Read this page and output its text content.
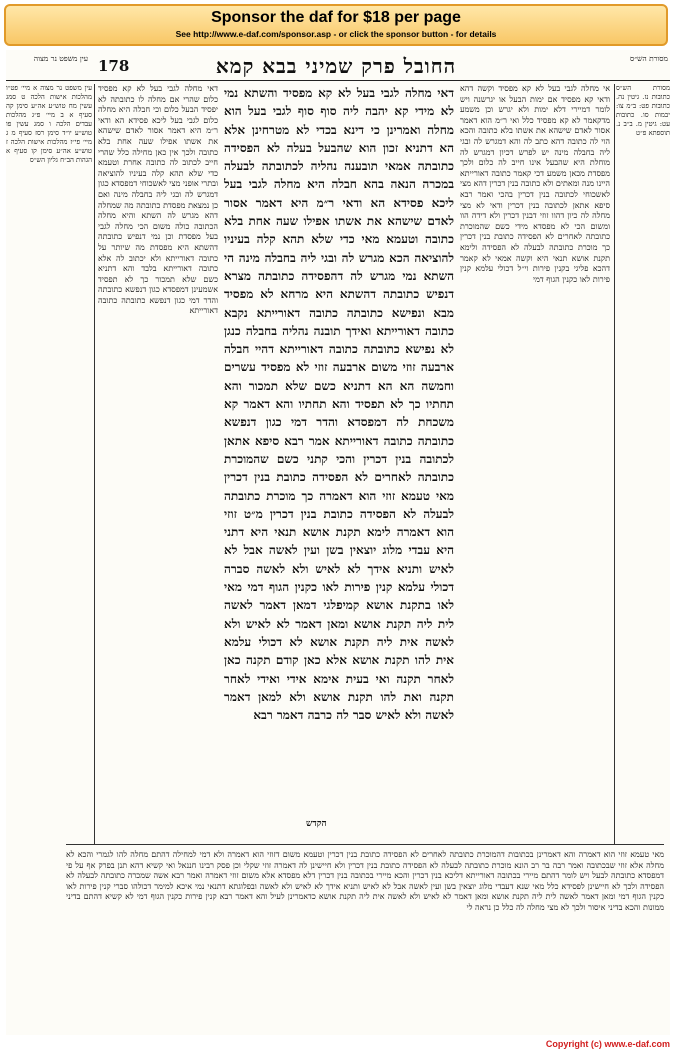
Sponsor the daf for $18 per page
See http://www.e-daf.com/sponsor.asp - or click the sponsor button - for details
עין משפט נר מצוה 178	החובל פרק שמיני בבא קמא	מסורת הש״ס
עין משפט נר מצוה א מיי׳ פט״ו מהלכות אישות הלכה ט סמג עשין מח טוש״ע אה״ע סימן קה סעיף א ב מיי׳ פ״ג מהלכות עבדים הלכה ו סמג עשין פו טוש״ע יו״ד סימן רסז סעיף מ ג מיי׳ פי״ז מהלכות אישות הלכה ז טוש״ע אה״ע סימן קו סעיף א הגהות הב״ח גליון הש״ס
דאי מחלה לגבי בעל לא קא מפסיד כלום שהרי אם מחלה לו כתובתה לא יפסיד הבעל כלום וכי חבלה היא מחלה כלום לגבי בעל ליכא פסידא הא ודאי ר״מ היא דאמר אסור לאדם שישהא את אשתו אפילו שעה אחת בלא כתובה ולכך אין כאן מחילה כלל שהרי חייב לכתוב לה כתובה אחרת וטעמא כדי שלא תהא קלה בעיניו להוציאה ובתרי אופני מצי לאשכוחי דמפסדא כגון דמגרש לה ובגי ליה בחבלה מינה ואם כן נמצאת מפסדת כתובתה מה שמחלה דהא מגרש לה השתא והיא מחלה הכתובה כולה משום הכי מחלה לגבי בעל מפסדת וכן נמי דנפיש כתובתה דהשתא היא מפסדת מה שיותר על כתובה דאורייתא ולא יכתוב לה אלא כתובה דאורייתא בלבד והא דתניא כשם שלא תמכור כך לא תפסיד אשמעינן דמפסדא כגון דנפשא כתובתה והדר דמי כגון דנפשא כתובתה כתובה דאורייתא
דאי מחלה לגבי בעל לא קא מפסיד והשתא נמי לא מידי קא יהבה ליה סוף סוף לגבי בעל הוא מחלה ואמרינן כי דינא בכדי לא מטרחינן אלא הא דתניא זכון הוא שהבעל בעלה לא הפסידה כתובתה אמאי תובענה נהליה לכתובתה לבעלה במכרה הנאה בהא חבלה היא מחלה לגבי בעל ליכא פסידא הא ודאי ר״מ היא דאמר אסור לאדם שישהא את אשתו אפילו שעה אחת בלא כתובה וטעמא מאי כדי שלא תהא קלה בעיניו להוציאה הכא מגרש לה ובגי ליה בחבלה מינה הי השתא נמי מגרש לה דהפסידה כתובתה מצרא דנפיש כתובתה דהשתא היא מרחא לא מפסיד מבא ונפישא כתובתה כתובה דאורייתא נקבא כתובה דאורייתא ואידך תובנה נהליה בחבלה כנגן לא נפישא כתובתה כתובה דאורייתא דהיי חבלה ארבעה זוזי משום ארבעה זוזי לא מפסיד עשרים וחמשה הא הא דתניא כשם שלא תמכור והא תחתיו כך לא תפסיד והא תחתיו והא דאמר קא משכחת לה דמפסדא והדר דמי כגון דנפשא כתובתה כתובה דאורייתא אמר רבא סיפא אתאן לכתובה בנין דכרין והכי קתני כשם שהמוכרת כתובתה לאחרים לא הפסידה כתובת בנין דכרין מאי טעמא זוזי הוא דאמרה כך מוכרת כתובתה לבעלה לא הפסידה כתובת בנין דכרין מ״ט זוזי הוא דאמרה לימא תקנת אושא תנאי היא דתני היא עבדי מלוג יוצאין בשן ועין לאשה אבל לא לאיש ותניא אידך לא לאיש ולא לאשה סברה דכולי עלמא קנין פירות לאו כקנין הגוף דמי מאי לאו בתקנת אושא קמיפלגי דמאן דאמר לאשה לית ליה תקנת אושא ומאן דאמר לא לאיש ולא לאשה אית ליה תקנת אושא לא דכולי עלמא אית להו תקנת אושא אלא כאן קודם תקנה כאן לאחר תקנה ואי בעית אימא אידי ואידי לאחר תקנה ואת להו תקנת אושא ולא למאן דאמר לאשה ולא לאיש סבר לה כרבה דאמר רבא
אי מחלה לגבי בעל לא קא מפסיד וקשה דהא ודאי קא מפסיד אם ימות הבעל או יגרשנה ויש לומר דמיירי דלא ימות ולא יגרש וכן משמע מדקאמר לא קא מפסיד כלל ואי ר״מ הוא דאמר אסור לאדם שישהא את אשתו בלא כתובה והכא הוי לה כתובה דהא כתב לה והא דמגרש לה ובגי ליה בחבלה מינה יש לפרש דכיון דמגרש לה מוחלת היא שהבעל אינו חייב לה כלום ולכך מפסדת מכאן משמע דכי קאמר כתובה דאורייתא היינו מנה ומאתים ולא כתובה בנין דכרין דהא מצי לאשכוחי לכתובה בנין דכרין בהכי ואמר רבא סיפא אתאן לכתובה בנין דכרין ודאי לא מצי מחלה לה כיון דהוו זוזי דבנין דכרין ולא דידה הוו ומשום הכי לא מפסדא מידי כשם שהמוכרת כתובתה לאחרים לא הפסידה כתובת בנין דכרין כך מוכרת כתובתה לבעלה לא הפסידה ולימא תקנת אושא תנאי היא וקשה אמאי לא קאמר דהכא פליגי בקנין פירות וי״ל דכולי עלמא קנין פירות לאו כקנין הגוף דמי
מסורת הש״ס כתובות נז. גיטין נה. כתובות פט: ב״מ צו: יבמות סו. כתובות עט: גיטין מ. ב״ב נ. תוספתא פ״ט
הקדש
מאי טעמא זוזי הוא דאמרה והא דאמרינן בכתובות דהמוכרת כתובתה לאחרים לא הפסידה כתובת בנין דכרין וטעמא משום דזוזי הוא דאמרה ולא דמי למחילה דהתם מחלה להו לגמרי והכא לא מחלה אלא זוזי שבכתובה ואמר רבה בר רב הונא מוכרת כתובתה לבעלה לא הפסידה כתובת בנין דכרין ולא חיישינן לה דאמרה זוזי שקלי וכן פסק רבינו חננאל ואי קשיא דהא תנן בפרק אף על פי דמפסדא כתובתה לבעל ויש לומר דהתם מיירי בכתובה דאורייתא דליכא בנין דכרין והכא מיירי בכתובה בנין דכרין דלא מפסדא אלא משום זוזי דאמרה ואמר רבא אשה שמכרה כתובתה לבעלה לא הפסידה ולכך לא חיישינן לפסידא כלל מאי שנא דעבדי מלוג יוצאין בשן ועין לאשה אבל לא לאיש ותניא אידך לא לאיש ולא לאשה ובפלוגתא דתנאי נמי איכא למימר דכולהו סברי קנין פירות לאו כקנין הגוף דמי ומאן דאמר לאשה לית ליה תקנת אושא ומאן דאמר לא לאיש ולא לאשה אית ליה תקנת אושא כדאמרינן לעיל והא דאמר רבא קנין פירות כקנין הגוף דמי לא קשיא דהתם בדיני ממונות והכא בדיני איסור ולכך לא מצי מחלה לה כלל כן נראה לי
Copyright (c) www.e-daf.com
